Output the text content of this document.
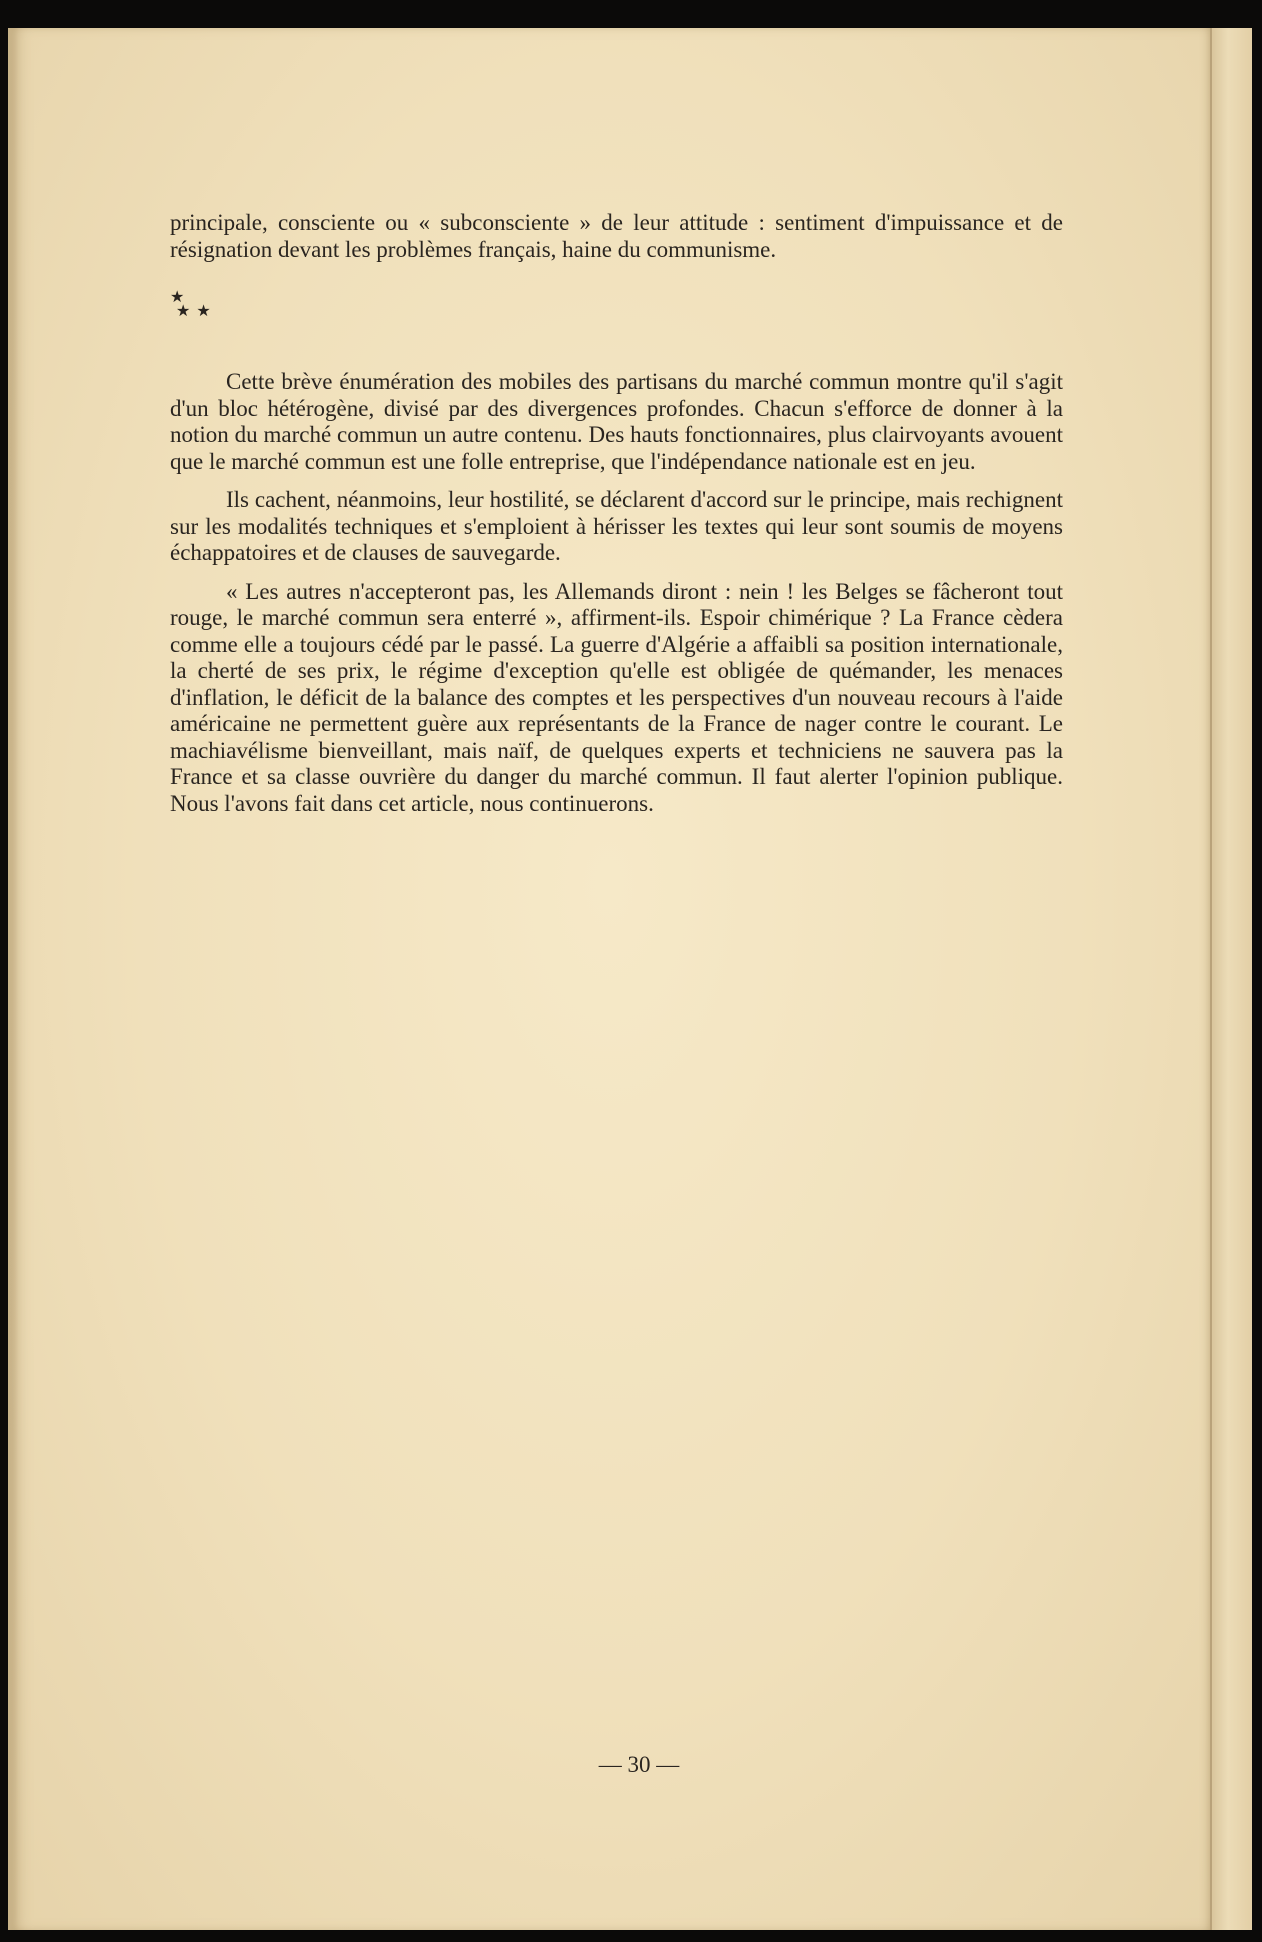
principale, consciente ou « subconsciente » de leur attitude : sentiment d'impuissance et de résignation devant les problèmes français, haine du communisme.

★
★★

Cette brève énumération des mobiles des partisans du marché commun montre qu'il s'agit d'un bloc hétérogène, divisé par des divergences profondes. Chacun s'efforce de donner à la notion du marché commun un autre contenu. Des hauts fonctionnaires, plus clairvoyants avouent que le marché commun est une folle entreprise, que l'indépendance nationale est en jeu.

Ils cachent, néanmoins, leur hostilité, se déclarent d'accord sur le principe, mais rechignent sur les modalités techniques et s'emploient à hérisser les textes qui leur sont soumis de moyens échappatoires et de clauses de sauvegarde.

« Les autres n'accepteront pas, les Allemands diront : nein ! les Belges se fâcheront tout rouge, le marché commun sera enterré », affirment-ils. Espoir chimérique ? La France cèdera comme elle a toujours cédé par le passé. La guerre d'Algérie a affaibli sa position internationale, la cherté de ses prix, le régime d'exception qu'elle est obligée de quémander, les menaces d'inflation, le déficit de la balance des comptes et les perspectives d'un nouveau recours à l'aide américaine ne permettent guère aux représentants de la France de nager contre le courant. Le machiavélisme bienveillant, mais naïf, de quelques experts et techniciens ne sauvera pas la France et sa classe ouvrière du danger du marché commun. Il faut alerter l'opinion publique. Nous l'avons fait dans cet article, nous continuerons.

— 30 —
